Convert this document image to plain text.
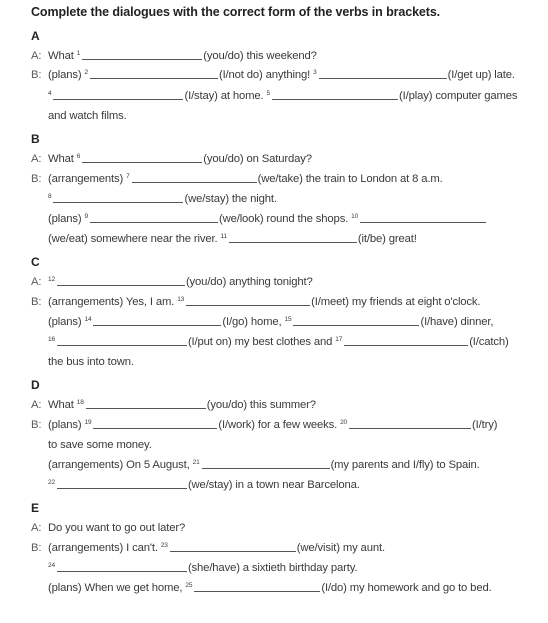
Complete the dialogues with the correct form of the verbs in brackets.
A
A: What $^1$	(you/do) this weekend?
B: (plans) $^2$	(I/not do) anything! $^3$	(I/get up) late.
$^4$	(I/stay) at home. $^5$	(I/play) computer games
and watch films.
B
A: What $^6$	(you/do) on Saturday?
B: (arrangements) $^7$	(we/take) the train to London at 8 a.m.
$^8$	(we/stay) the night.
(plans) $^9$	(we/look) round the shops. $^{10}$
(we/eat) somewhere near the river. $^{11}$	(it/be) great!
C
A: $^{12}$	(you/do) anything tonight?
B: (arrangements) Yes, I am. $^{13}$	(I/meet) my friends at eight o'clock.
(plans) $^{14}$	(I/go) home, $^{15}$	(I/have) dinner,
$^{16}$	(I/put on) my best clothes and $^{17}$	(I/catch)
the bus into town.
D
A: What $^{18}$	(you/do) this summer?
B: (plans) $^{19}$	(I/work) for a few weeks. $^{20}$	(I/try)
to save some money.
(arrangements) On 5 August, $^{21}$	(my parents and I/fly) to Spain.
$^{22}$	(we/stay) in a town near Barcelona.
E
A: Do you want to go out later?
B: (arrangements) I can't. $^{23}$	(we/visit) my aunt.
$^{24}$	(she/have) a sixtieth birthday party.
(plans) When we get home, $^{25}$	(I/do) my homework and go to bed.
